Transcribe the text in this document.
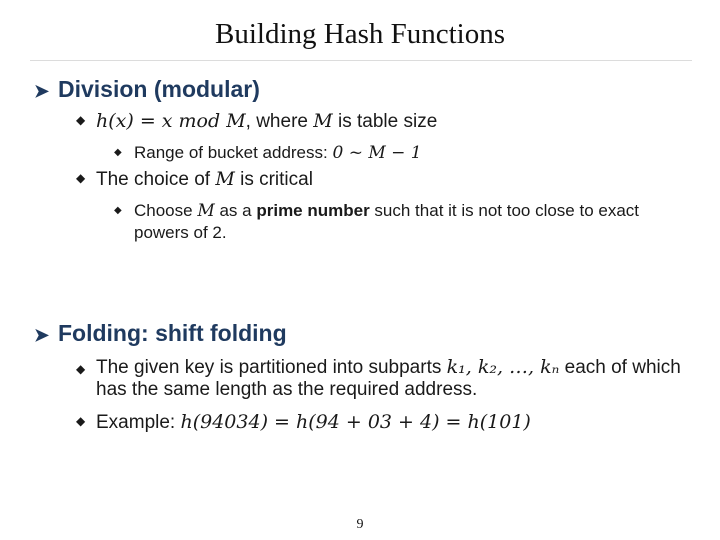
Building Hash Functions
➤ Division (modular)
◆ h(x) = x mod M, where M is table size
◆ Range of bucket address: 0 ~ M − 1
◆ The choice of M is critical
◆ Choose M as a prime number such that it is not too close to exact powers of 2.
➤ Folding: shift folding
◆ The given key is partitioned into subparts k₁, k₂, …, kₙ each of which has the same length as the required address.
◆ Example: h(94034) = h(94 + 03 + 4) = h(101)
9
